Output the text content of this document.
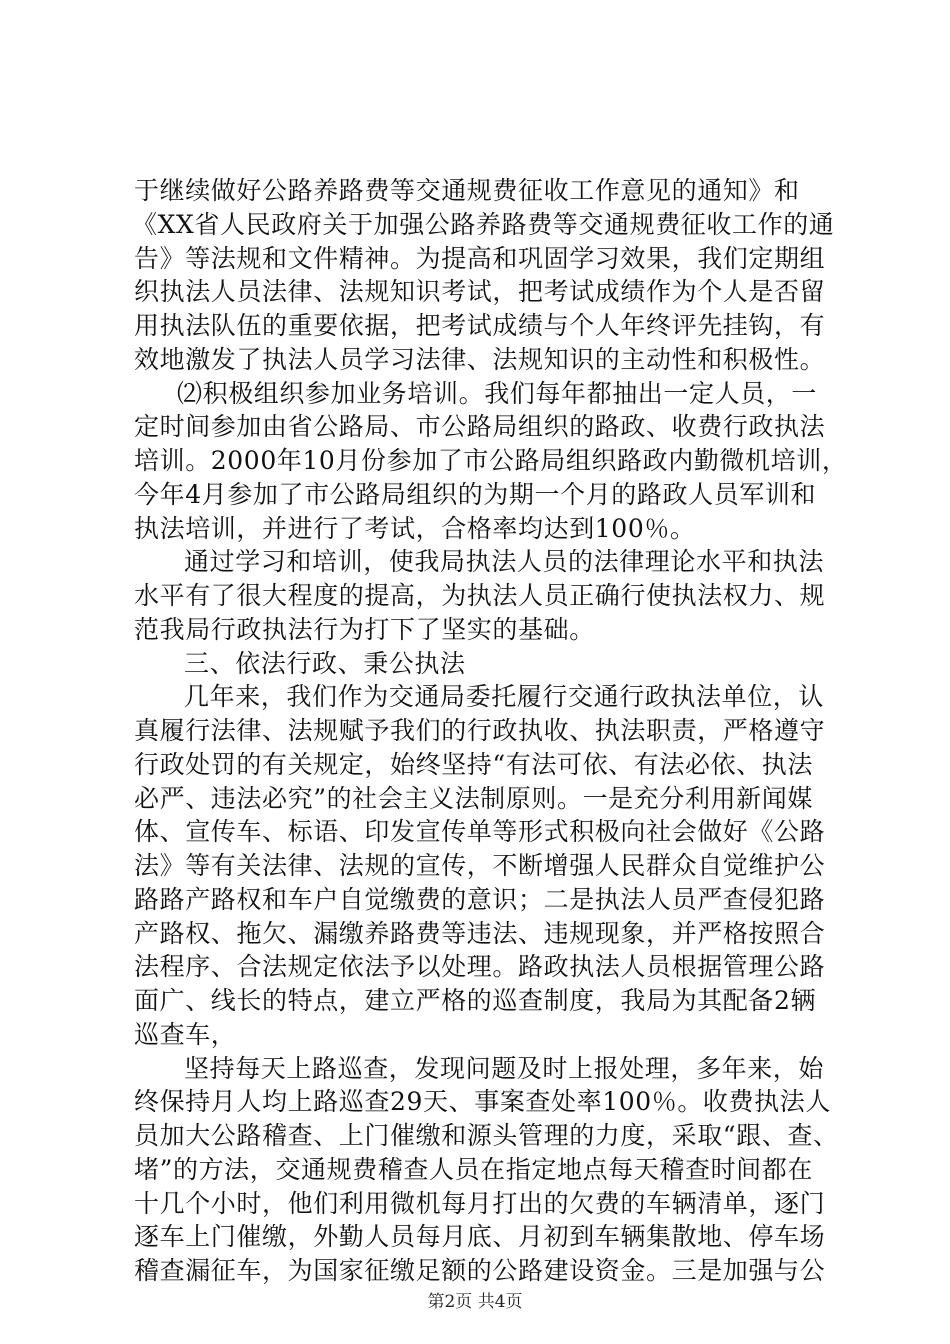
于继续做好公路养路费等交通规费征收工作意见的通知》和
《XX省人民政府关于加强公路养路费等交通规费征收工作的通
告》等法规和文件精神。为提高和巩固学习效果，我们定期组
织执法人员法律、法规知识考试，把考试成绩作为个人是否留
用执法队伍的重要依据，把考试成绩与个人年终评先挂钩，有
效地激发了执法人员学习法律、法规知识的主动性和积极性。
⑵积极组织参加业务培训。我们每年都抽出一定人员，一
定时间参加由省公路局、市公路局组织的路政、收费行政执法
培训。2000年10月份参加了市公路局组织路政内勤微机培训，
今年4月参加了市公路局组织的为期一个月的路政人员军训和
执法培训，并进行了考试，合格率均达到100％。
通过学习和培训，使我局执法人员的法律理论水平和执法
水平有了很大程度的提高，为执法人员正确行使执法权力、规
范我局行政执法行为打下了坚实的基础。
三、依法行政、秉公执法
几年来，我们作为交通局委托履行交通行政执法单位，认
真履行法律、法规赋予我们的行政执收、执法职责，严格遵守
行政处罚的有关规定，始终坚持“有法可依、有法必依、执法
必严、违法必究”的社会主义法制原则。一是充分利用新闻媒
体、宣传车、标语、印发宣传单等形式积极向社会做好《公路
法》等有关法律、法规的宣传，不断增强人民群众自觉维护公
路路产路权和车户自觉缴费的意识；二是执法人员严查侵犯路
产路权、拖欠、漏缴养路费等违法、违规现象，并严格按照合
法程序、合法规定依法予以处理。路政执法人员根据管理公路
面广、线长的特点，建立严格的巡查制度，我局为其配备2辆
巡查车，
坚持每天上路巡查，发现问题及时上报处理，多年来，始
终保持月人均上路巡查29天、事案查处率100％。收费执法人
员加大公路稽查、上门催缴和源头管理的力度，采取“跟、查、
堵”的方法，交通规费稽查人员在指定地点每天稽查时间都在
十几个小时，他们利用微机每月打出的欠费的车辆清单，逐门
逐车上门催缴，外勤人员每月底、月初到车辆集散地、停车场
稽查漏征车，为国家征缴足额的公路建设资金。三是加强与公
第2页 共4页
